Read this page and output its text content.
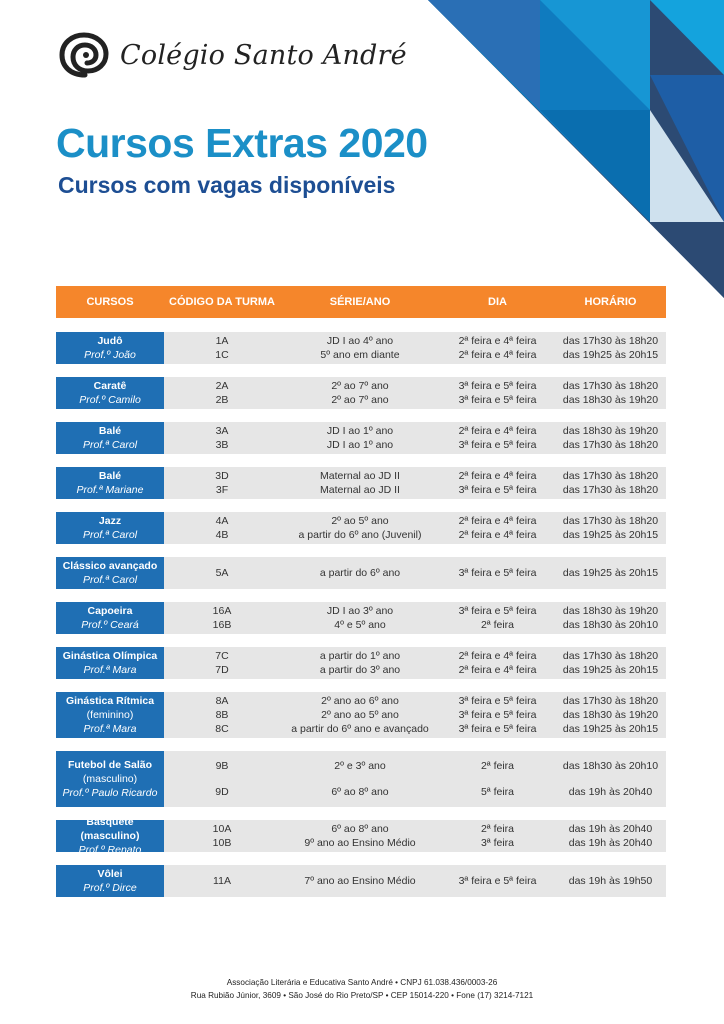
Colégio Santo André
Cursos Extras 2020
Cursos com vagas disponíveis
CURSOS	CÓDIGO DA TURMA	SÉRIE/ANO	DIA	HORÁRIO
Judô
Prof.º João
1A	JD I ao 4º ano	2ª feira e 4ª feira	das 17h30 às 18h20
1C	5º ano em diante	2ª feira e 4ª feira	das 19h25 às 20h15
Caratê
Prof.º Camilo
2A	2º ao 7º ano	3ª feira e 5ª feira	das 17h30 às 18h20
2B	2º ao 7º ano	3ª feira e 5ª feira	das 18h30 às 19h20
Balé
Prof.ª Carol
3A	JD I ao 1º ano	2ª feira e 4ª feira	das 18h30 às 19h20
3B	JD I ao 1º ano	3ª feira e 5ª feira	das 17h30 às 18h20
Balé
Prof.ª Mariane
3D	Maternal ao JD II	2ª feira e 4ª feira	das 17h30 às 18h20
3F	Maternal ao JD II	3ª feira e 5ª feira	das 17h30 às 18h20
Jazz
Prof.ª Carol
4A	2º ao 5º ano	2ª feira e 4ª feira	das 17h30 às 18h20
4B	a partir do 6º ano (Juvenil)	2ª feira e 4ª feira	das 19h25 às 20h15
Clássico avançado
Prof.ª Carol
5A	a partir do 6º ano	3ª feira e 5ª feira	das 19h25 às 20h15
Capoeira
Prof.º Ceará
16A	JD I ao 3º ano	3ª feira e 5ª feira	das 18h30 às 19h20
16B	4º e 5º ano	2ª feira	das 18h30 às 20h10
Ginástica Olímpica
Prof.ª Mara
7C	a partir do 1º ano	2ª feira e 4ª feira	das 17h30 às 18h20
7D	a partir do 3º ano	2ª feira e 4ª feira	das 19h25 às 20h15
Ginástica Rítmica
(feminino)
Prof.ª Mara
8A	2º ano ao 6º ano	3ª feira e 5ª feira	das 17h30 às 18h20
8B	2º ano ao 5º ano	3ª feira e 5ª feira	das 18h30 às 19h20
8C	a partir do 6º ano e avançado	3ª feira e 5ª feira	das 19h25 às 20h15
Futebol de Salão
(masculino)
Prof.º Paulo Ricardo
9B	2º e 3º ano	2ª feira	das 18h30 às 20h10
9D	6º ao 8º ano	5ª feira	das 19h às 20h40
Basquete (masculino)
Prof.º Renato
10A	6º ao 8º ano	2ª feira	das 19h às 20h40
10B	9º ano ao Ensino Médio	3ª feira	das 19h às 20h40
Vôlei
Prof.º Dirce
11A	7º ano ao Ensino Médio	3ª feira e 5ª feira	das 19h às 19h50
Associação Literária e Educativa Santo André • CNPJ 61.038.436/0003-26
Rua Rubião Júnior, 3609 • São José do Rio Preto/SP • CEP 15014-220 • Fone (17) 3214-7121
